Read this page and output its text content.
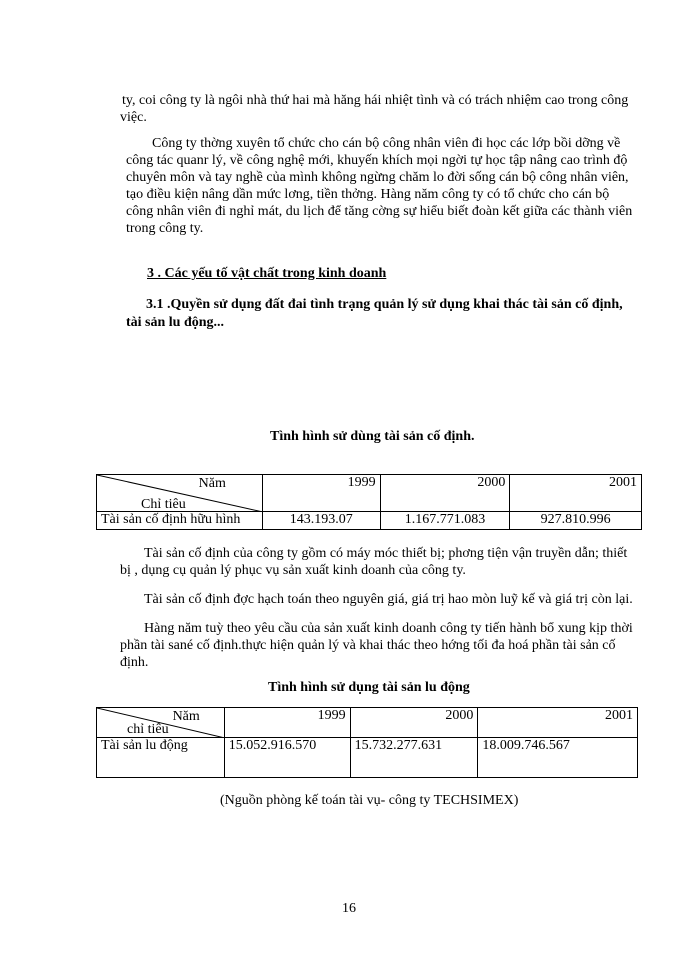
ty, coi công ty là ngôi nhà thứ hai mà hăng hái nhiệt tình và có trách nhiệm cao trong công việc.

Công ty thờng xuyên tổ chức cho cán bộ công nhân viên đi học các lớp bồi dỡng về công tác quanr lý, về công nghệ mới, khuyến khích mọi ngời tự học tập nâng cao trình độ chuyên môn và tay nghề của mình không ngừng chăm lo đời sống cán bộ công nhân viên, tạo điều kiện nâng dần mức lơng, tiền thởng. Hàng năm công ty có tổ chức cho cán bộ công nhân viên đi nghỉ mát, du lịch để tăng cờng sự hiểu biết đoàn kết giữa các thành viên trong công ty.

3 . Các yếu tố vật chất trong kinh doanh

3.1 .Quyền sử dụng đất đai tình trạng quản lý sử dụng khai thác tài sản cố định, tài sản lu động...

Tình hình sử dùng tài sản cố định.

Năm
Chỉ tiêu	1999	2000	2001
Tài sản cố định hữu hình	143.193.07	1.167.771.083	927.810.996

Tài sản cố định của công ty gồm có máy móc thiết bị; phơng tiện vận truyền dẫn; thiết bị , dụng cụ quản lý phục vụ sản xuất kinh doanh của công ty.

Tài sản cố định đợc hạch toán theo nguyên giá, giá trị hao mòn luỹ kế và giá trị còn lại.

Hàng năm tuỳ theo yêu cầu của sản xuất kinh doanh công ty tiến hành bổ xung kịp thời phần tài sané cố định.thực hiện quản lý và khai thác theo hớng tối đa hoá phần tài sản cố định.

Tình hình sử dụng tài sản lu động

Năm
chỉ tiêu	1999	2000	2001
Tài sản lu động	15.052.916.570	15.732.277.631	18.009.746.567

(Nguồn phòng kế toán tài vụ- công ty TECHSIMEX)

16
